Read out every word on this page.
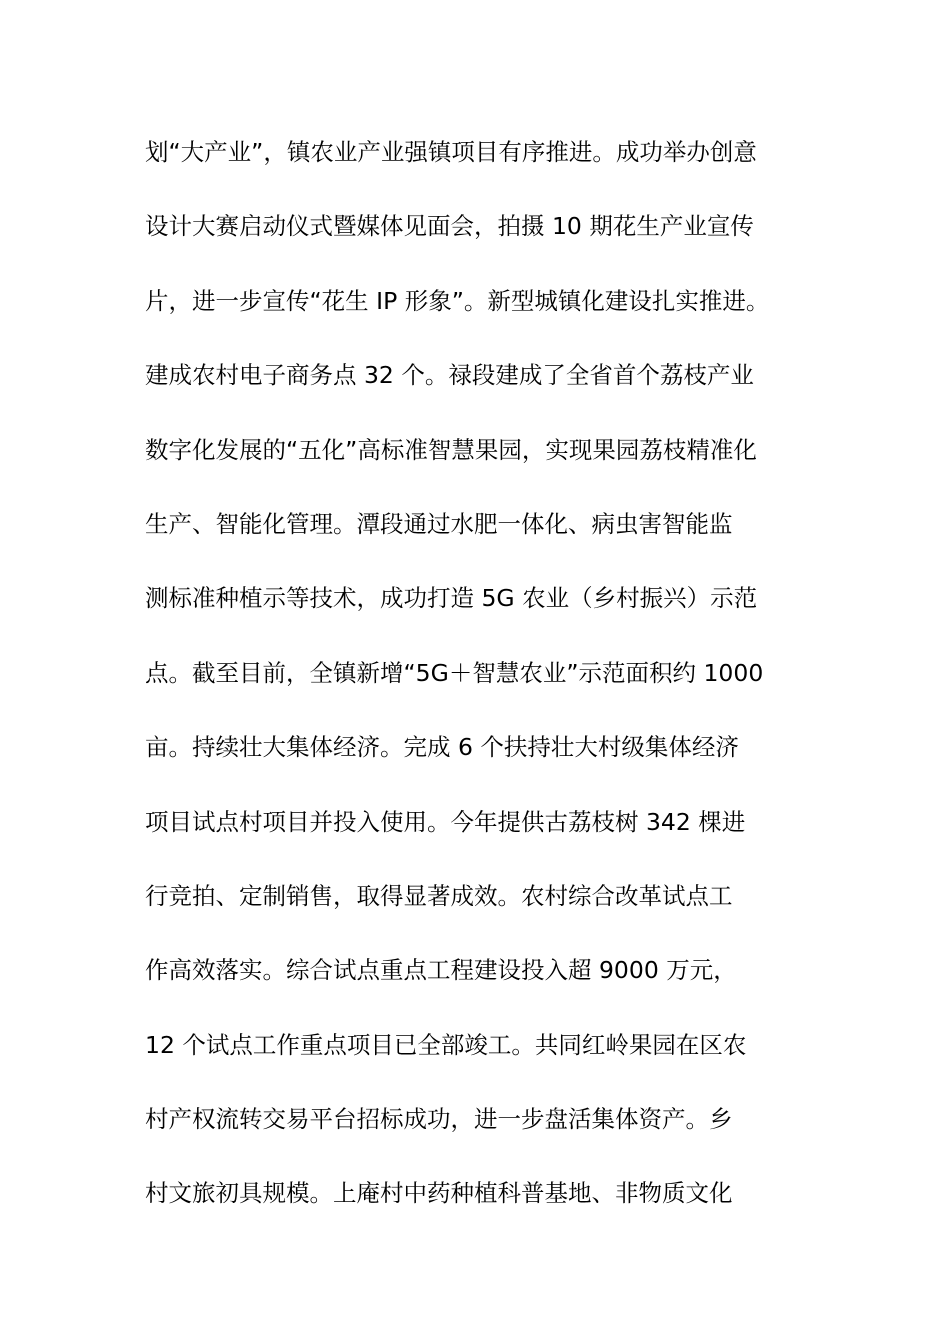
划“大产业”，镇农业产业强镇项目有序推进。成功举办创意
设计大赛启动仪式暨媒体见面会，拍摄 10 期花生产业宣传
片，进一步宣传“花生 IP 形象”。新型城镇化建设扎实推进。
建成农村电子商务点 32 个。禄段建成了全省首个荔枝产业
数字化发展的“五化”高标准智慧果园，实现果园荔枝精准化
生产、智能化管理。潭段通过水肥一体化、病虫害智能监
测标准种植示等技术，成功打造 5G 农业（乡村振兴）示范
点。截至目前，全镇新增“5G＋智慧农业”示范面积约 1000
亩。持续壮大集体经济。完成 6 个扶持壮大村级集体经济
项目试点村项目并投入使用。今年提供古荔枝树 342 棵进
行竞拍、定制销售，取得显著成效。农村综合改革试点工
作高效落实。综合试点重点工程建设投入超 9000 万元，
12 个试点工作重点项目已全部竣工。共同红岭果园在区农
村产权流转交易平台招标成功，进一步盘活集体资产。乡
村文旅初具规模。上庵村中药种植科普基地、非物质文化
